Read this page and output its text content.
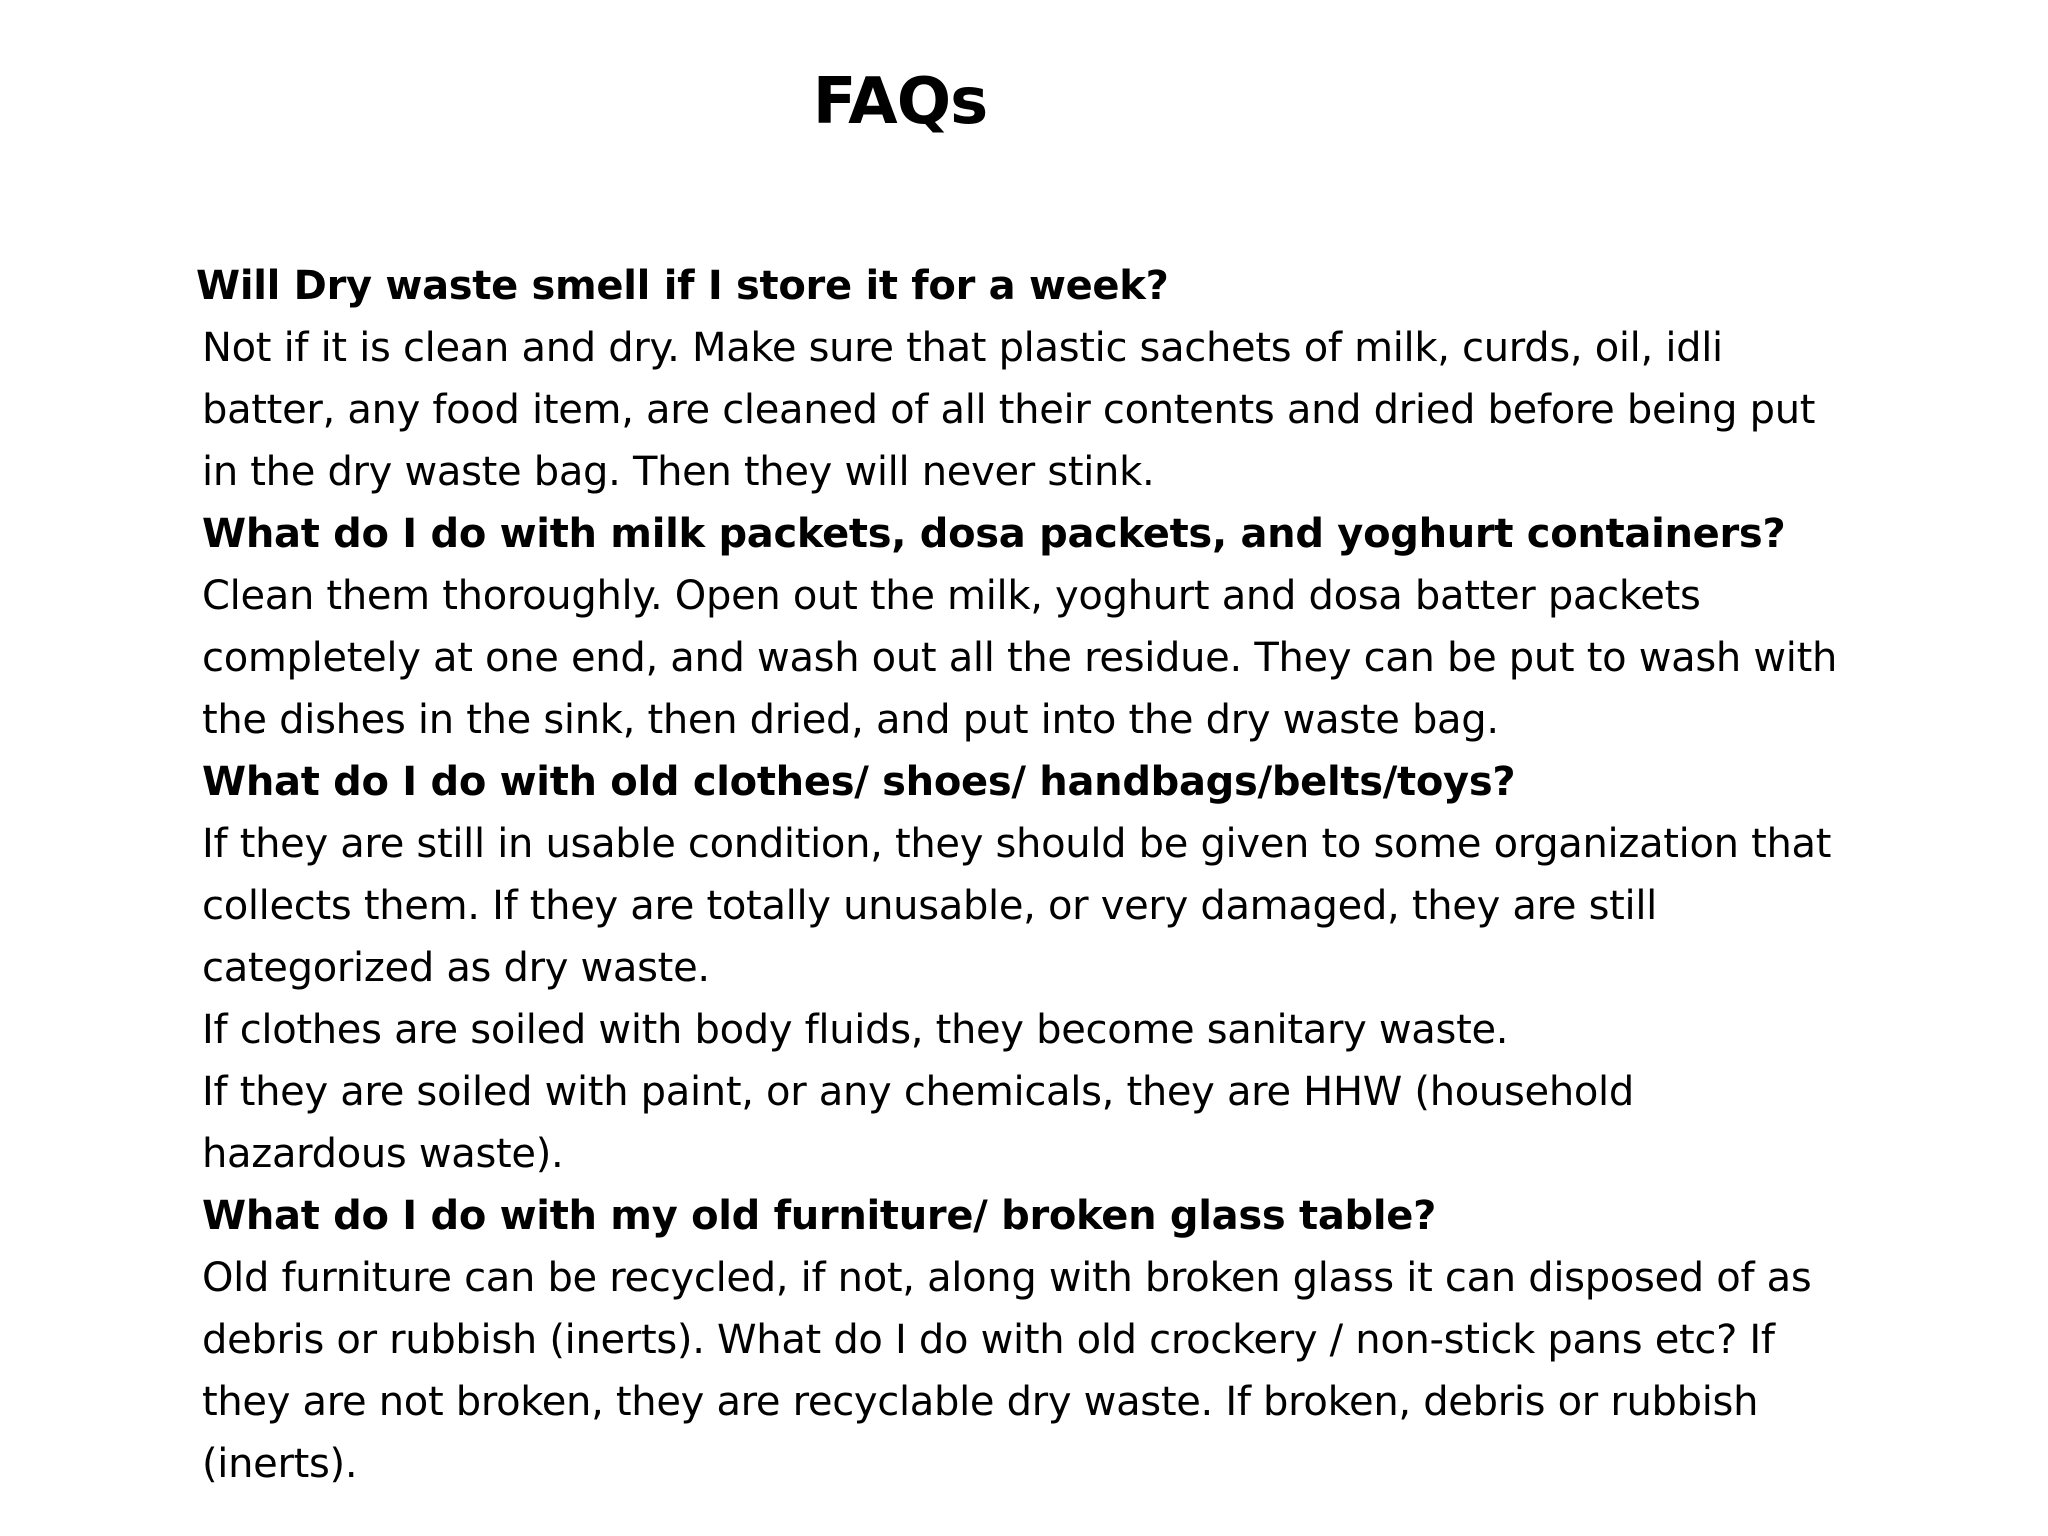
FAQs
Will Dry waste smell if I store it for a week?
Not if it is clean and dry. Make sure that plastic sachets of milk, curds, oil, idli
batter, any food item, are cleaned of all their contents and dried before being put
in the dry waste bag. Then they will never stink.
What do I do with milk packets, dosa packets, and yoghurt containers?
Clean them thoroughly. Open out the milk, yoghurt and dosa batter packets
completely at one end, and wash out all the residue. They can be put to wash with
the dishes in the sink, then dried, and put into the dry waste bag.
What do I do with old clothes/ shoes/ handbags/belts/toys?
If they are still in usable condition, they should be given to some organization that
collects them. If they are totally unusable, or very damaged, they are still
categorized as dry waste.
If clothes are soiled with body fluids, they become sanitary waste.
If they are soiled with paint, or any chemicals, they are HHW (household
hazardous waste).
What do I do with my old furniture/ broken glass table?
Old furniture can be recycled, if not, along with broken glass it can disposed of as
debris or rubbish (inerts). What do I do with old crockery / non-stick pans etc? If
they are not broken, they are recyclable dry waste. If broken, debris or rubbish
(inerts).
